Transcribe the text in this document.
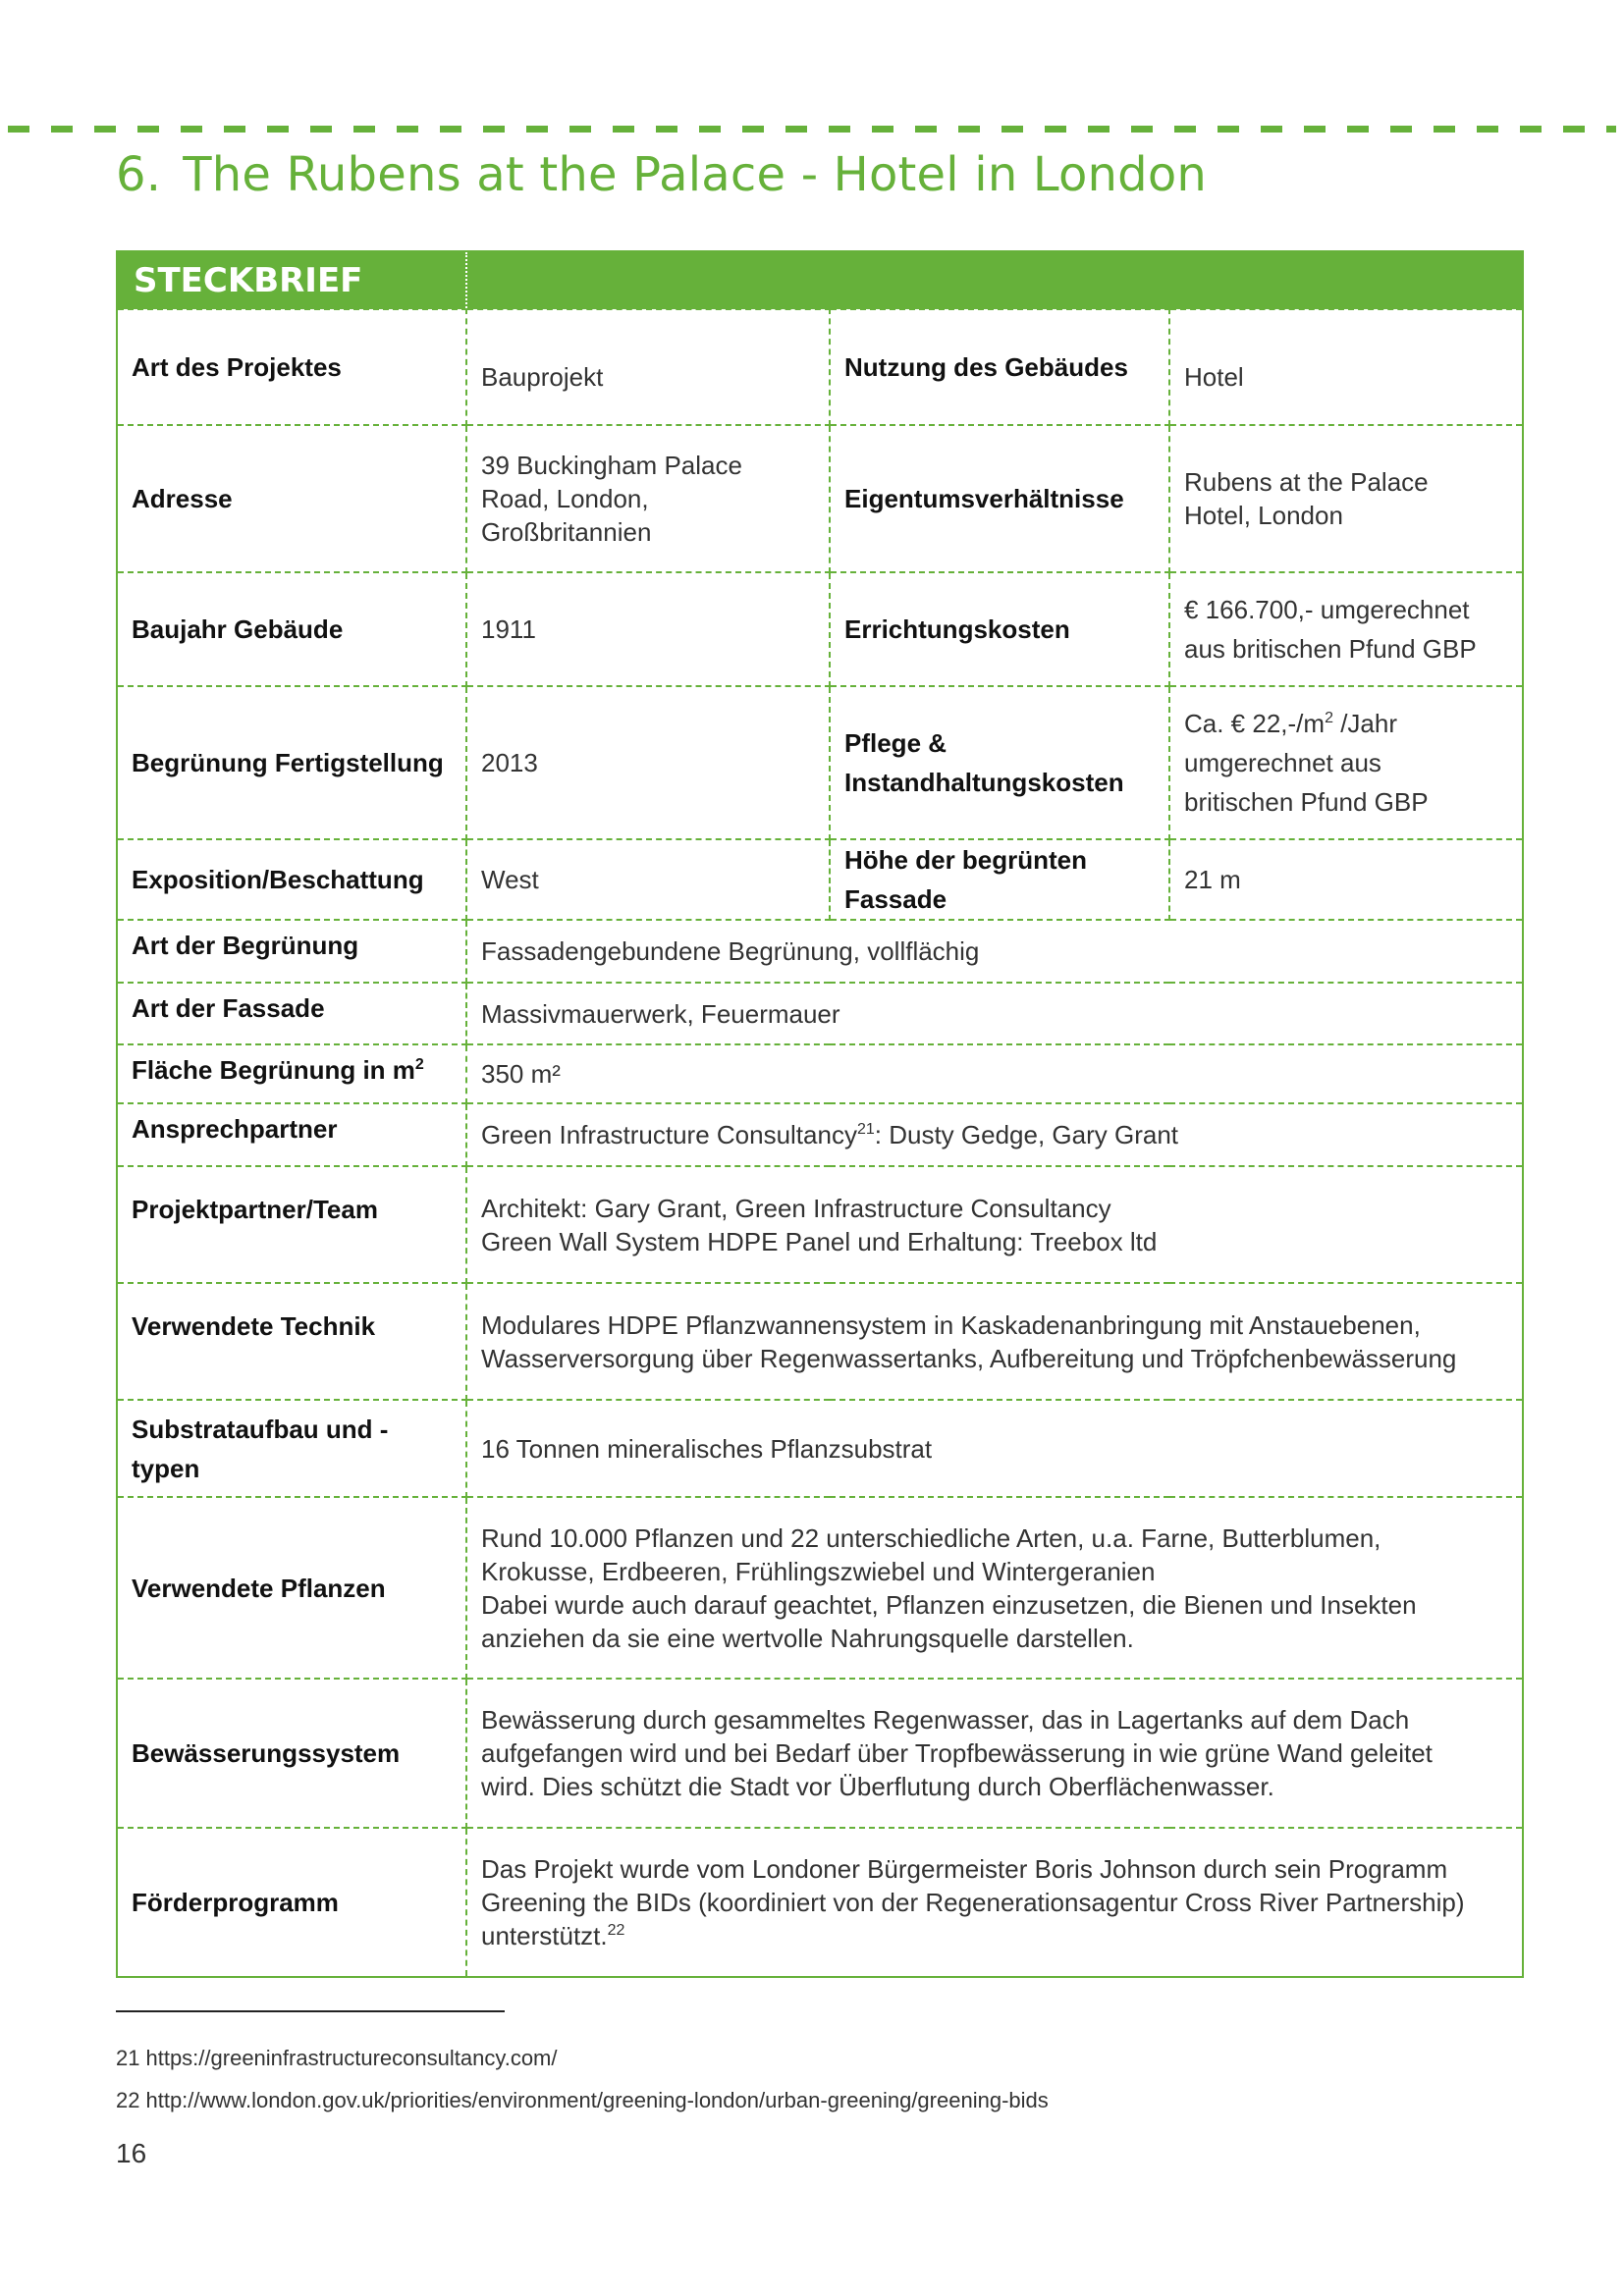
6. The Rubens at the Palace - Hotel in London
STECKBRIEF			
Art des Projektes	Bauprojekt	Nutzung des Gebäudes	Hotel

Adresse	39 Buckingham Palace
Road, London,
Großbritannien	Eigentumsverhältnisse	Rubens at the Palace
Hotel, London

Baujahr Gebäude	1911	Errichtungskosten	€ 166.700,- umgerechnet
aus britischen Pfund GBP

Begrünung Fertigstellung	2013	Pflege &
Instandhaltungskosten	Ca. € $22,-/m^2$ /Jahr
umgerechnet aus
britischen Pfund GBP

Exposition/Beschattung	West	Höhe der begrünten
Fassade	21 m

Art der Begrünung	Fassadengebundene Begrünung, vollflächig		
Art der Fassade	Massivmauerwerk, Feuermauer		
Fläche Begrünung in $m^2$	350 m²		
Ansprechpartner	Green Infrastructure Consultancy$^{21}$: Dusty Gedge, Gary Grant		
Projektpartner/Team	Architekt: Gary Grant, Green Infrastructure Consultancy
Green Wall System HDPE Panel und Erhaltung: Treebox ltd		

Verwendete Technik	Modulares HDPE Pflanzwannensystem in Kaskadenanbringung mit Anstauebenen,
Wasserversorgung über Regenwassertanks, Aufbereitung und Tröpfchenbewässerung		

Substrataufbau und -
typen	16 Tonnen mineralisches Pflanzsubstrat		
Verwendete Pflanzen	Rund 10.000 Pflanzen und 22 unterschiedliche Arten, u.a. Farne, Butterblumen,
Krokusse, Erdbeeren, Frühlingszwiebel und Wintergeranien
Dabei wurde auch darauf geachtet, Pflanzen einzusetzen, die Bienen und Insekten
anziehen da sie eine wertvolle Nahrungsquelle darstellen.		

Bewässerungssystem	Bewässerung durch gesammeltes Regenwasser, das in Lagertanks auf dem Dach
aufgefangen wird und bei Bedarf über Tropfbewässerung in wie grüne Wand geleitet
wird. Dies schützt die Stadt vor Überflutung durch Oberflächenwasser.		

Förderprogramm	Das Projekt wurde vom Londoner Bürgermeister Boris Johnson durch sein Programm
Greening the BIDs (koordiniert von der Regenerationsagentur Cross River Partnership)
unterstützt.$^{22}$
21 https://greeninfrastructureconsultancy.com/
22 http://www.london.gov.uk/priorities/environment/greening-london/urban-greening/greening-bids
16
